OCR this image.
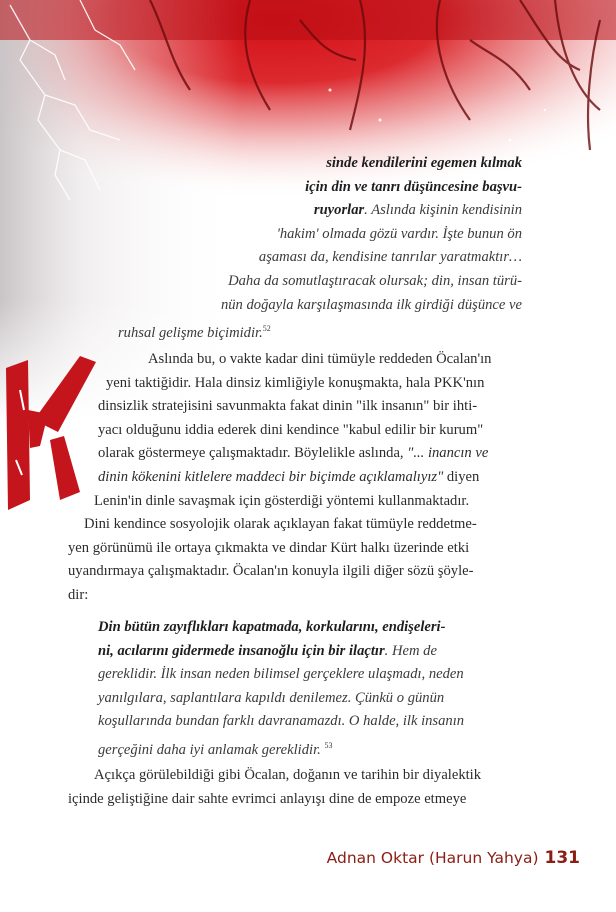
sinde kendilerini egemen kılmak
için din ve tanrı düşüncesine başvu-
ruyorlar. Aslında kişinin kendisinin
'hakim' olmada gözü vardır. İşte bunun ön
aşaması da, kendisine tanrılar yaratmaktır…
Daha da somutlaştıracak olursak; din, insan türü-
nün doğayla karşılaşmasında ilk girdiği düşünce ve
ruhsal gelişme biçimidir.$^{52}$
Aslında bu, o vakte kadar dini tümüyle reddeden Öcalan'ın
yeni taktiğidir. Hala dinsiz kimliğiyle konuşmakta, hala PKK'nın
dinsizlik stratejisini savunmakta fakat dinin "ilk insanın" bir ihti-
yacı olduğunu iddia ederek dini kendince "kabul edilir bir kurum"
olarak göstermeye çalışmaktadır. Böylelikle aslında, "... inancın ve
dinin kökenini kitlelere maddeci bir biçimde açıklamalıyız" diyen
Lenin'in dinle savaşmak için gösterdiği yöntemi kullanmaktadır.
Dini kendince sosyolojik olarak açıklayan fakat tümüyle reddetme-
yen görünümü ile ortaya çıkmakta ve dindar Kürt halkı üzerinde etki
uyandırmaya çalışmaktadır. Öcalan'ın konuyla ilgili diğer sözü şöyle-
dir:
Din bütün zayıflıkları kapatmada, korkularını, endişeleri-
ni, acılarını gidermede insanoğlu için bir ilaçtır. Hem de
gereklidir. İlk insan neden bilimsel gerçeklere ulaşmadı, neden
yanılgılara, saplantılara kapıldı denilemez. Çünkü o günün
koşullarında bundan farklı davranamazdı. O halde, ilk insanın
gerçeğini daha iyi anlamak gereklidir. $^{53}$
Açıkça görülebildiği gibi Öcalan, doğanın ve tarihin bir diyalektik
içinde geliştiğine dair sahte evrimci anlayışı dine de empoze etmeye
Adnan Oktar (Harun Yahya) 131
